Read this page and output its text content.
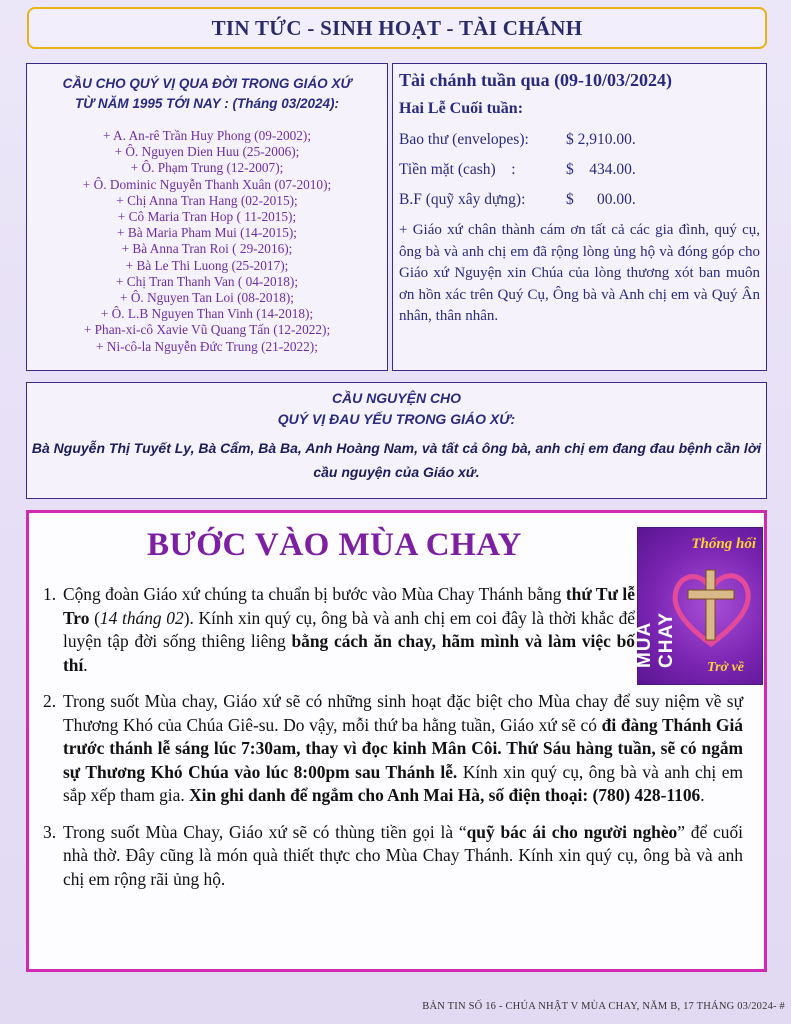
TIN TỨC - SINH HOẠT - TÀI CHÁNH
CẦU CHO QUÝ VỊ QUA ĐỜI TRONG GIÁO XỨ
TỪ NĂM 1995 TỚI NAY : (Tháng 03/2024):
+ A. An-rê Trần Huy Phong (09-2002);
+ Ô. Nguyen Dien Huu (25-2006);
+ Ô. Phạm Trung (12-2007);
+ Ô. Dominic Nguyễn Thanh Xuân (07-2010);
+ Chị Anna Tran Hang (02-2015);
+ Cô Maria Tran Hop ( 11-2015);
+ Bà Maria Pham Mui (14-2015);
+ Bà Anna Tran Roi ( 29-2016);
+ Bà Le Thi Luong (25-2017);
+ Chị Tran Thanh Van ( 04-2018);
+ Ô. Nguyen Tan Loi (08-2018);
+ Ô. L.B Nguyen Than Vinh (14-2018);
+ Phan-xi-cô Xavie Vũ Quang Tấn (12-2022);
+ Ni-cô-la Nguyễn Đức Trung (21-2022);
Tài chánh tuần qua (09-10/03/2024)
Hai Lễ Cuối tuần:
Bao thư (envelopes):	$ 2,910.00.
Tiền mặt (cash)    :	$    434.00.
B.F (quỹ xây dựng):	$      00.00.
+ Giáo xứ chân thành cám ơn tất cả các gia đình, quý cụ, ông bà và anh chị em đã rộng lòng ủng hộ và đóng góp cho Giáo xứ Nguyện xin Chúa của lòng thương xót ban muôn ơn hồn xác trên Quý Cụ, Ông bà và Anh chị em và Quý Ân nhân, thân nhân.
CẦU NGUYỆN CHO
QUÝ VỊ ĐAU YẾU TRONG GIÁO XỨ:
Bà Nguyễn Thị Tuyết Ly, Bà Cẩm, Bà Ba, Anh Hoàng Nam, và tất cả ông bà, anh chị em đang đau bệnh cần lời cầu nguyện của Giáo xứ.
BƯỚC VÀO MÙA CHAY
MÙA CHAY
Thống hối
Trở về
1. Cộng đoàn Giáo xứ chúng ta chuẩn bị bước vào Mùa Chay Thánh bằng thứ Tư lễ Tro (14 tháng 02). Kính xin quý cụ, ông bà và anh chị em coi đây là thời khắc để luyện tập đời sống thiêng liêng bằng cách ăn chay, hãm mình và làm việc bố thí.
2. Trong suốt Mùa chay, Giáo xứ sẽ có những sinh hoạt đặc biệt cho Mùa chay để suy niệm về sự Thương Khó của Chúa Giê-su. Do vậy, mỗi thứ ba hằng tuần, Giáo xứ sẽ có đi đàng Thánh Giá trước thánh lễ sáng lúc 7:30am, thay vì đọc kinh Mân Côi. Thứ Sáu hàng tuần, sẽ có ngắm sự Thương Khó Chúa vào lúc 8:00pm sau Thánh lễ. Kính xin quý cụ, ông bà và anh chị em sắp xếp tham gia. Xin ghi danh để ngắm cho Anh Mai Hà, số điện thoại: (780) 428-1106.
3. Trong suốt Mùa Chay, Giáo xứ sẽ có thùng tiền gọi là “quỹ bác ái cho người nghèo” để cuối nhà thờ. Đây cũng là món quà thiết thực cho Mùa Chay Thánh. Kính xin quý cụ, ông bà và anh chị em rộng rãi ủng hộ.
BẢN TIN SỐ 16 - CHÚA NHẬT V MÙA CHAY, NĂM B, 17 THÁNG 03/2024- #
